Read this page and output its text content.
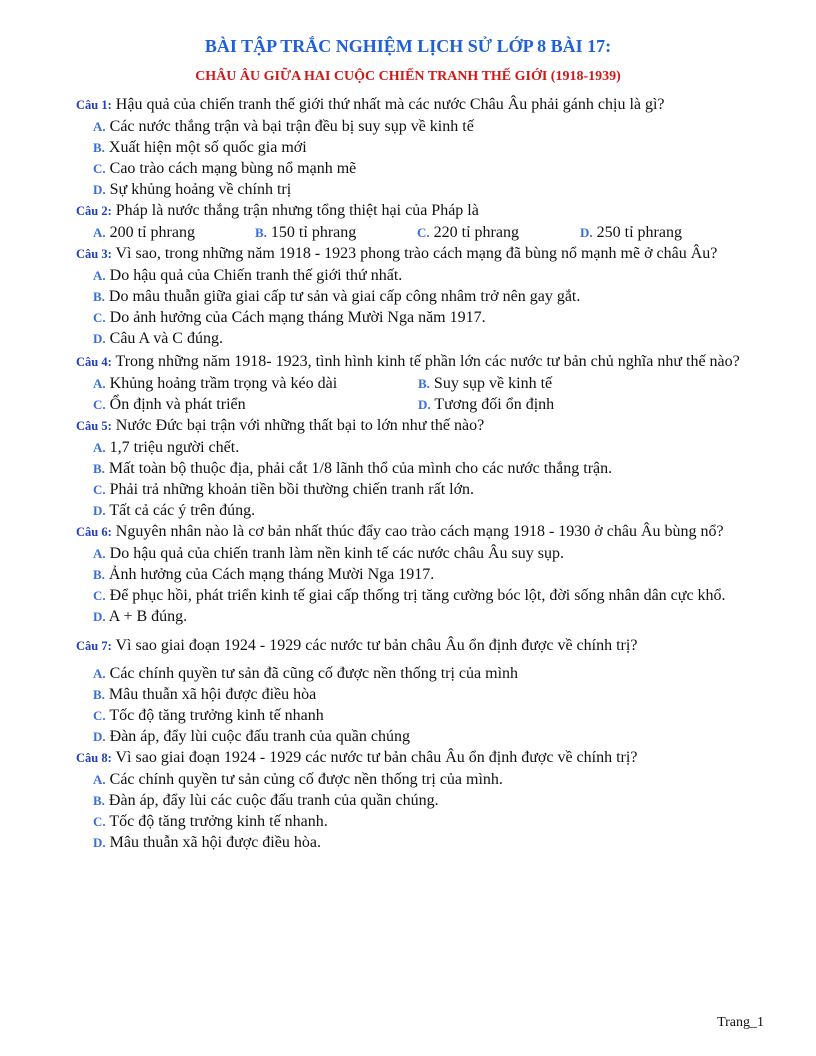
BÀI TẬP TRẮC NGHIỆM LỊCH SỬ LỚP 8 BÀI 17:
CHÂU ÂU GIỮA HAI CUỘC CHIẾN TRANH THẾ GIỚI (1918-1939)

Câu 1: Hậu quả của chiến tranh thế giới thứ nhất mà các nước Châu Âu phải gánh chịu là gì?

A. Các nước thắng trận và bại trận đều bị suy sụp về kinh tế

B. Xuất hiện một số quốc gia mới

C. Cao trào cách mạng bùng nổ mạnh mẽ

D. Sự khủng hoảng về chính trị

Câu 2: Pháp là nước thắng trận nhưng tổng thiệt hại của Pháp là

A. 200 tỉ phrang	B. 150 tỉ phrang	C. 220 tỉ phrang	D. 250 tỉ phrang

Câu 3: Vì sao, trong những năm 1918 - 1923 phong trào cách mạng đã bùng nổ mạnh mẽ ở châu Âu?

A. Do hậu quả của Chiến tranh thế giới thứ nhất.

B. Do mâu thuẫn giữa giai cấp tư sản và giai cấp công nhâm trở nên gay gắt.

C. Do ảnh hưởng của Cách mạng tháng Mười Nga năm 1917.

D. Câu A và C đúng.

Câu 4: Trong những năm 1918- 1923, tình hình kinh tế phần lớn các nước tư bản chủ nghĩa như thế nào?

A. Khủng hoảng trầm trọng và kéo dài	B. Suy sụp về kinh tế
C. Ổn định và phát triển	D. Tương đối ổn định

Câu 5: Nước Đức bại trận với những thất bại to lớn như thế nào?

A. 1,7 triệu người chết.

B. Mất toàn bộ thuộc địa, phải cắt 1/8 lãnh thổ của mình cho các nước thắng trận.

C. Phải trả những khoản tiền bồi thường chiến tranh rất lớn.

D. Tất cả các ý trên đúng.

Câu 6: Nguyên nhân nào là cơ bản nhất thúc đẩy cao trào cách mạng 1918 - 1930 ở châu Âu bùng nổ?

A. Do hậu quả của chiến tranh làm nền kinh tế các nước châu Âu suy sụp.

B. Ảnh hưởng của Cách mạng tháng Mười Nga 1917.

C. Để phục hồi, phát triển kinh tế giai cấp thống trị tăng cường bóc lột, đời sống nhân dân cực khổ.

D. A + B đúng.

Câu 7: Vì sao giai đoạn 1924 - 1929 các nước tư bản châu Âu ổn định được về chính trị?

A. Các chính quyền tư sản đã cũng cố được nền thống trị của mình

B. Mâu thuẫn xã hội được điều hòa

C. Tốc độ tăng trưởng kinh tế nhanh

D. Đàn áp, đẩy lùi cuộc đấu tranh của quần chúng

Câu 8: Vì sao giai đoạn 1924 - 1929 các nước tư bản châu Âu ổn định được về chính trị?

A. Các chính quyền tư sản củng cố được nền thống trị của mình.

B. Đàn áp, đẩy lùi các cuộc đấu tranh của quần chúng.

C. Tốc độ tăng trưởng kinh tế nhanh.

D. Mâu thuẫn xã hội được điều hòa.

Trang_1
